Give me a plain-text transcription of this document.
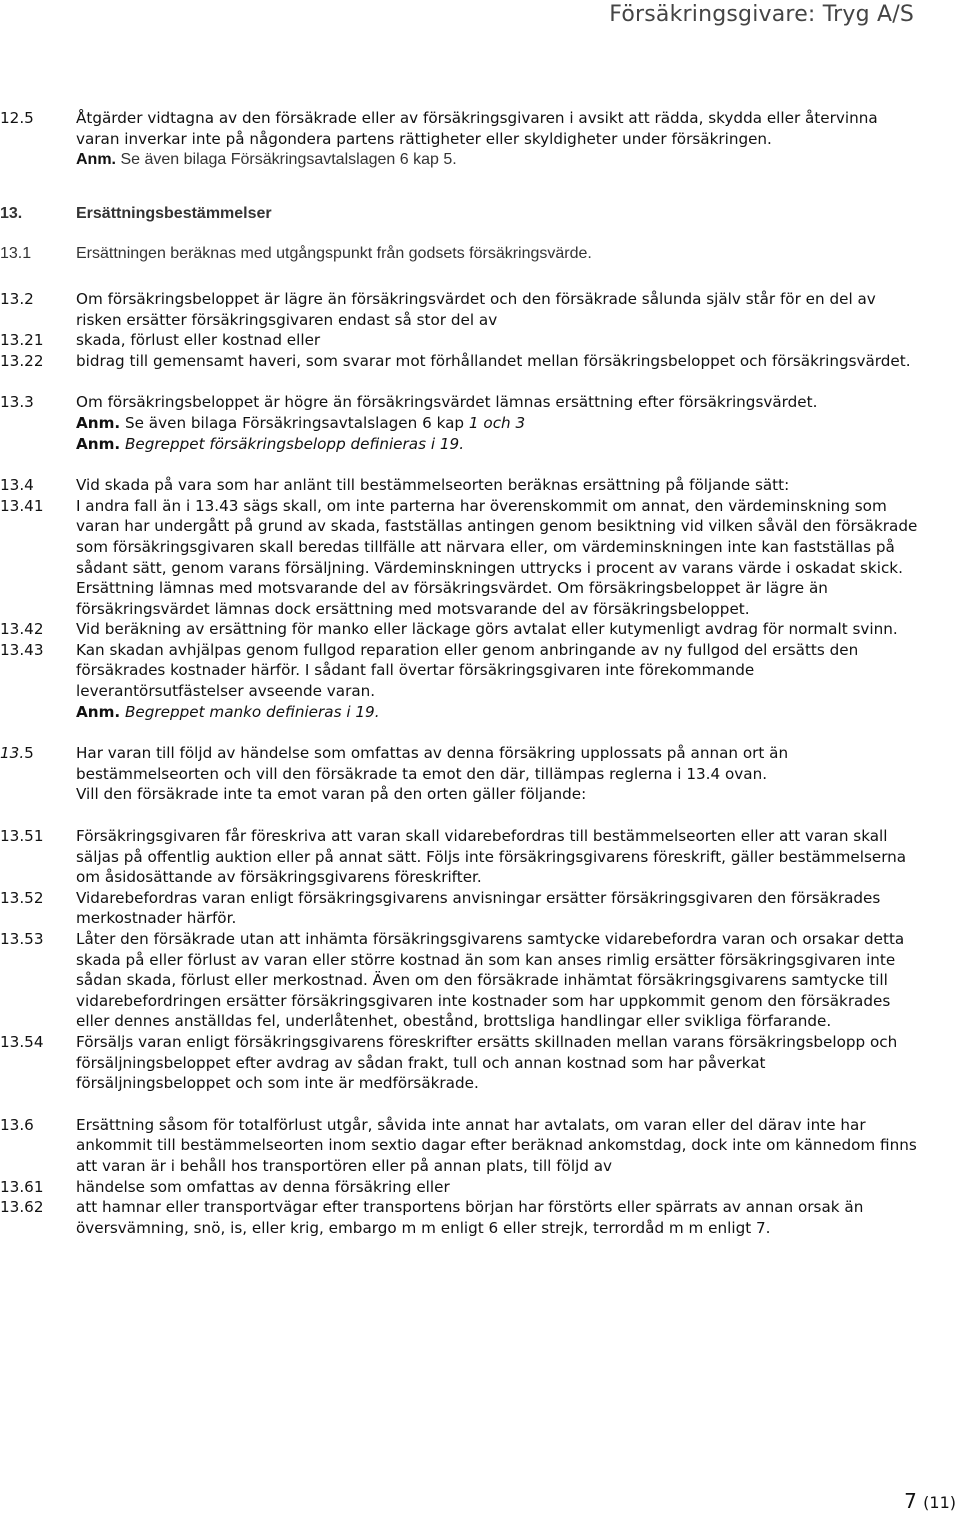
Försäkringsgivare: Tryg A/S
12.5	Åtgärder vidtagna av den försäkrade eller av försäkringsgivaren i avsikt att rädda, skydda eller återvinna varan inverkar inte på någondera partens rättigheter eller skyldigheter under försäkringen.
Anm. Se även bilaga Försäkringsavtalslagen 6 kap 5.
13.	Ersättningsbestämmelser
13.1	Ersättningen beräknas med utgångspunkt från godsets försäkringsvärde.
13.2	Om försäkringsbeloppet är lägre än försäkringsvärdet och den försäkrade sålunda själv står för en del av risken ersätter försäkringsgivaren endast så stor del av
13.21	skada, förlust eller kostnad eller
13.22	bidrag till gemensamt haveri, som svarar mot förhållandet mellan försäkringsbeloppet och försäkringsvärdet.
13.3	Om försäkringsbeloppet är högre än försäkringsvärdet lämnas ersättning efter försäkringsvärdet.
Anm. Se även bilaga Försäkringsavtalslagen 6 kap 1 och 3
Anm. Begreppet försäkringsbelopp definieras i 19.
13.4	Vid skada på vara som har anlänt till bestämmelseorten beräknas ersättning på följande sätt:
13.41	I andra fall än i 13.43 sägs skall, om inte parterna har överenskommit om annat, den värdeminskning som varan har undergått på grund av skada, fastställas antingen genom besiktning vid vilken såväl den försäkrade som försäkringsgivaren skall beredas tillfälle att närvara eller, om värdeminskningen inte kan fastställas på sådant sätt, genom varans försäljning. Värdeminskningen uttrycks i procent av varans värde i oskadat skick. Ersättning lämnas med motsvarande del av försäkringsvärdet. Om försäkringsbeloppet är lägre än försäkringsvärdet lämnas dock ersättning med motsvarande del av försäkringsbeloppet.
13.42	Vid beräkning av ersättning för manko eller läckage görs avtalat eller kutymenligt avdrag för normalt svinn.
13.43	Kan skadan avhjälpas genom fullgod reparation eller genom anbringande av ny fullgod del ersätts den försäkrades kostnader härför. I sådant fall övertar försäkringsgivaren inte förekommande leverantörsutfästelser avseende varan.
Anm. Begreppet manko definieras i 19.
13.5	Har varan till följd av händelse som omfattas av denna försäkring upplossats på annan ort än bestämmelseorten och vill den försäkrade ta emot den där, tillämpas reglerna i 13.4 ovan.
Vill den försäkrade inte ta emot varan på den orten gäller följande:
13.51	Försäkringsgivaren får föreskriva att varan skall vidarebefordras till bestämmelseorten eller att varan skall säljas på offentlig auktion eller på annat sätt. Följs inte försäkringsgivarens föreskrift, gäller bestämmelserna om åsidosättande av försäkringsgivarens föreskrifter.
13.52	Vidarebefordras varan enligt försäkringsgivarens anvisningar ersätter försäkringsgivaren den försäkrades merkostnader härför.
13.53	Låter den försäkrade utan att inhämta försäkringsgivarens samtycke vidarebefordra varan och orsakar detta skada på eller förlust av varan eller större kostnad än som kan anses rimlig ersätter försäkringsgivaren inte sådan skada, förlust eller merkostnad. Även om den försäkrade inhämtat försäkringsgivarens samtycke till vidarebefordringen ersätter försäkringsgivaren inte kostnader som har uppkommit genom den försäkrades eller dennes anställdas fel, underlåtenhet, obestånd, brottsliga handlingar eller svikliga förfarande.
13.54	Försäljs varan enligt försäkringsgivarens föreskrifter ersätts skillnaden mellan varans försäkringsbelopp och försäljningsbeloppet efter avdrag av sådan frakt, tull och annan kostnad som har påverkat försäljningsbeloppet och som inte är medförsäkrade.
13.6	Ersättning såsom för totalförlust utgår, såvida inte annat har avtalats, om varan eller del därav inte har ankommit till bestämmelseorten inom sextio dagar efter beräknad ankomstdag, dock inte om kännedom finns att varan är i behåll hos transportören eller på annan plats, till följd av
13.61	händelse som omfattas av denna försäkring eller
13.62	att hamnar eller transportvägar efter transportens början har förstörts eller spärrats av annan orsak än översvämning, snö, is, eller krig, embargo m m enligt 6 eller strejk, terrordåd m m enligt 7.
7 (11)
